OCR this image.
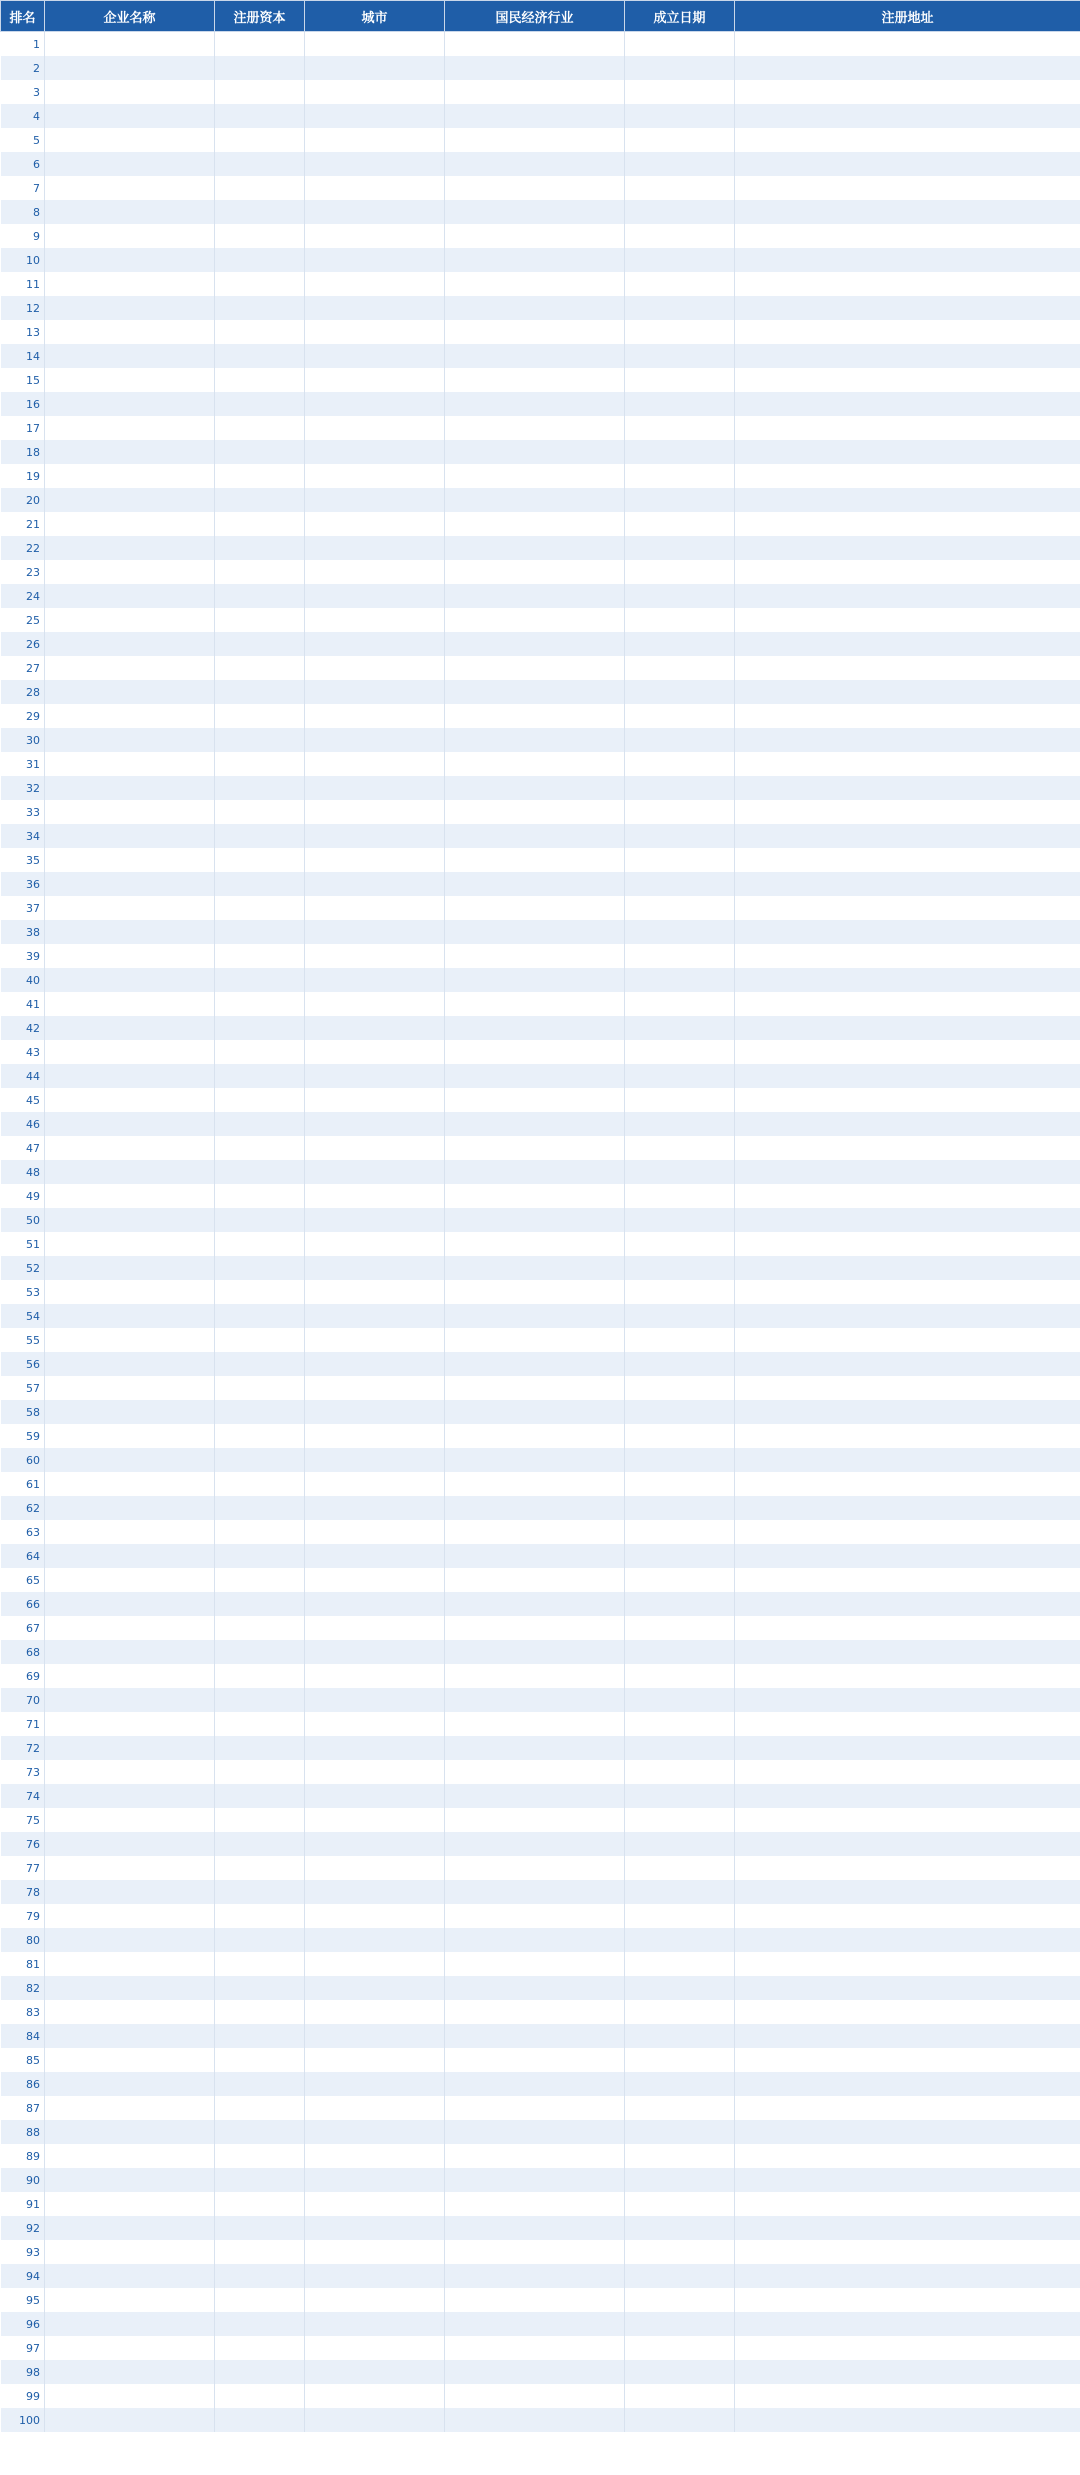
排名	企业名称	注册资本	城市	国民经济行业	成立日期	注册地址
1						
2						
3						
4						
5						
6						
7						
8						
9						
10						
11						
12						
13						
14						
15						
16						
17						
18						
19						
20						
21						
22						
23						
24						
25						
26						
27						
28						
29						
30						
31						
32						
33						
34						
35						
36						
37						
38						
39						
40						
41						
42						
43						
44						
45						
46						
47						
48						
49						
50						
51						
52						
53						
54						
55						
56						
57						
58						
59						
60						
61						
62						
63						
64						
65						
66						
67						
68						
69						
70						
71						
72						
73						
74						
75						
76						
77						
78						
79						
80						
81						
82						
83						
84						
85						
86						
87						
88						
89						
90						
91						
92						
93						
94						
95						
96						
97						
98						
99						
100						
